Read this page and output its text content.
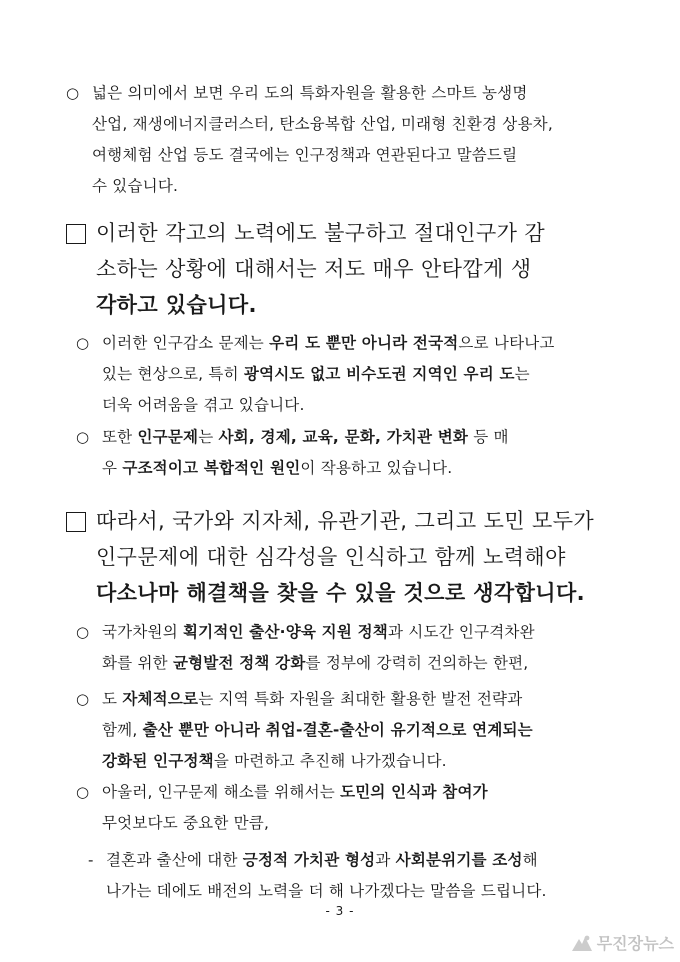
○ 넓은 의미에서 보면 우리 도의 특화자원을 활용한 스마트 농생명
산업, 재생에너지클러스터, 탄소융복합 산업, 미래형 친환경 상용차,
여행체험 산업 등도 결국에는 인구정책과 연관된다고 말씀드릴
수 있습니다.
이러한 각고의 노력에도 불구하고 절대인구가 감
소하는 상황에 대해서는 저도 매우 안타깝게 생
각하고 있습니다.
○ 이러한 인구감소 문제는 우리 도 뿐만 아니라 전국적으로 나타나고
있는 현상으로, 특히 광역시도 없고 비수도권 지역인 우리 도는
더욱 어려움을 겪고 있습니다.
○ 또한 인구문제는 사회, 경제, 교육, 문화, 가치관 변화 등 매
우 구조적이고 복합적인 원인이 작용하고 있습니다.
따라서, 국가와 지자체, 유관기관, 그리고 도민 모두가
인구문제에 대한 심각성을 인식하고 함께 노력해야
다소나마 해결책을 찾을 수 있을 것으로 생각합니다.
○ 국가차원의 획기적인 출산·양육 지원 정책과 시도간 인구격차완
화를 위한 균형발전 정책 강화를 정부에 강력히 건의하는 한편,
○ 도 자체적으로는 지역 특화 자원을 최대한 활용한 발전 전략과
함께, 출산 뿐만 아니라 취업-결혼-출산이 유기적으로 연계되는
강화된 인구정책을 마련하고 추진해 나가겠습니다.
○ 아울러, 인구문제 해소를 위해서는 도민의 인식과 참여가
무엇보다도 중요한 만큼,
- 결혼과 출산에 대한 긍정적 가치관 형성과 사회분위기를 조성해
나가는 데에도 배전의 노력을 더 해 나가겠다는 말씀을 드립니다.
- 3 -
무진장뉴스
